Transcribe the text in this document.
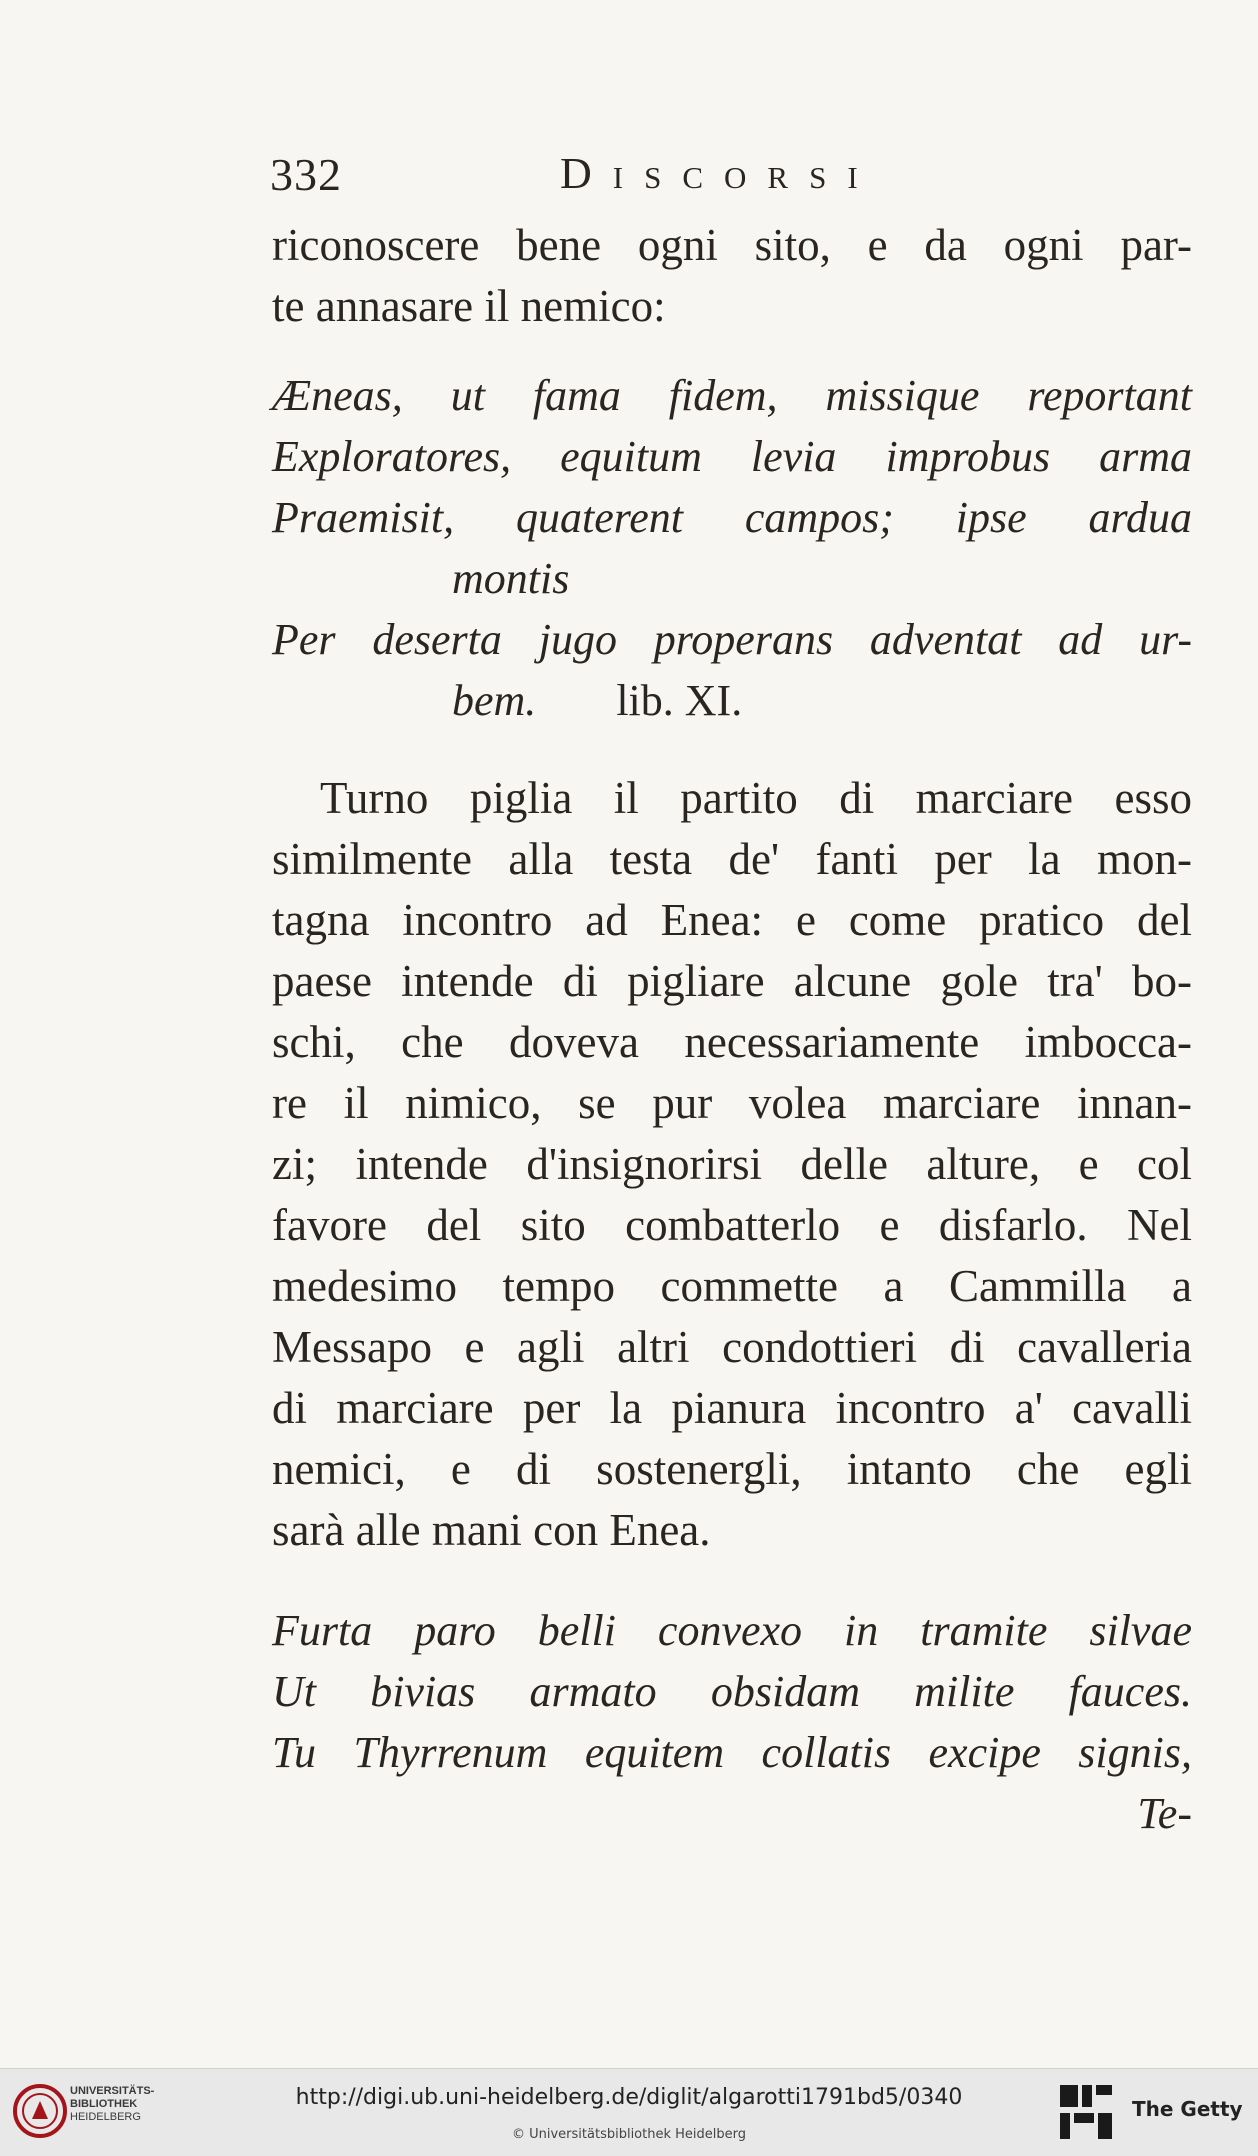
332	Discorsi
riconoscere bene ogni sito, e da ogni par-
te annasare il nemico:
Æneas, ut fama fidem, missique reportant
Exploratores, equitum levia improbus arma
Praemisit, quaterent campos; ipse ardua
montis
Per deserta jugo properans adventat ad ur-
bem. lib. XI.
Turno piglia il partito di marciare esso
similmente alla testa de' fanti per la mon-
tagna incontro ad Enea: e come pratico del
paese intende di pigliare alcune gole tra' bo-
schi, che doveva necessariamente imbocca-
re il nimico, se pur volea marciare innan-
zi; intende d'insignorirsi delle alture, e col
favore del sito combatterlo e disfarlo. Nel
medesimo tempo commette a Cammilla a
Messapo e agli altri condottieri di cavalleria
di marciare per la pianura incontro a' cavalli
nemici, e di sostenergli, intanto che egli
sarà alle mani con Enea.
Furta paro belli convexo in tramite silvae
Ut bivias armato obsidam milite fauces.
Tu Thyrrenum equitem collatis excipe signis,
Te-
UNIVERSITÄTS-
BIBLIOTHEK
HEIDELBERG
http://digi.ub.uni-heidelberg.de/diglit/algarotti1791bd5/0340
© Universitätsbibliothek Heidelberg
The Getty
